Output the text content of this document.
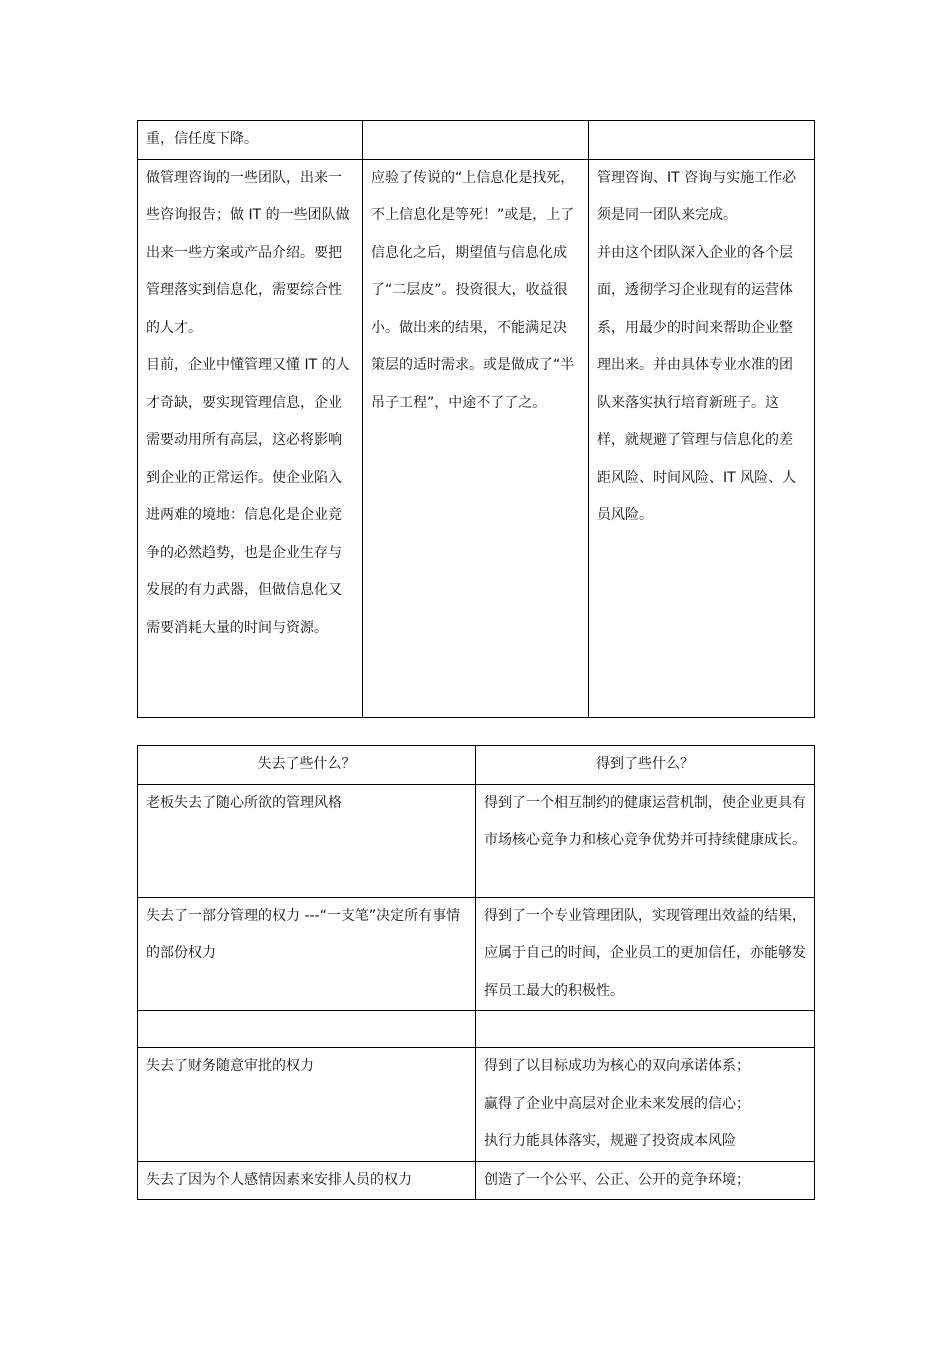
重，信任度下降。		
做管理咨询的一些团队，出来一些咨询报告；做 IT 的一些团队做出来一些方案或产品介绍。要把管理落实到信息化，需要综合性的人才。
目前，企业中懂管理又懂 IT 的人才奇缺，要实现管理信息，企业需要动用所有高层，这必将影响到企业的正常运作。使企业陷入进两难的境地：信息化是企业竞争的必然趋势，也是企业生存与发展的有力武器，但做信息化又需要消耗大量的时间与资源。	应验了传说的“上信息化是找死，不上信息化是等死！”或是，上了信息化之后，期望值与信息化成了“二层皮”。投资很大，收益很小。做出来的结果，不能满足决策层的适时需求。或是做成了“半吊子工程”，中途不了了之。	管理咨询、IT 咨询与实施工作必须是同一团队来完成。
并由这个团队深入企业的各个层面，透彻学习企业现有的运营体系，用最少的时间来帮助企业整理出来。并由具体专业水准的团队来落实执行培育新班子。这样，就规避了管理与信息化的差距风险、时间风险、IT 风险、人员风险。
失去了些什么？	得到了些什么？
老板失去了随心所欲的管理风格	得到了一个相互制约的健康运营机制，使企业更具有市场核心竞争力和核心竞争优势并可持续健康成长。
失去了一部分管理的权力 ---“一支笔”决定所有事情的部份权力	得到了一个专业管理团队，实现管理出效益的结果，应属于自己的时间，企业员工的更加信任，亦能够发挥员工最大的积极性。

失去了财务随意审批的权力	得到了以目标成功为核心的双向承诺体系；
赢得了企业中高层对企业未来发展的信心；
执行力能具体落实，规避了投资成本风险
失去了因为个人感情因素来安排人员的权力	创造了一个公平、公正、公开的竞争环境；
